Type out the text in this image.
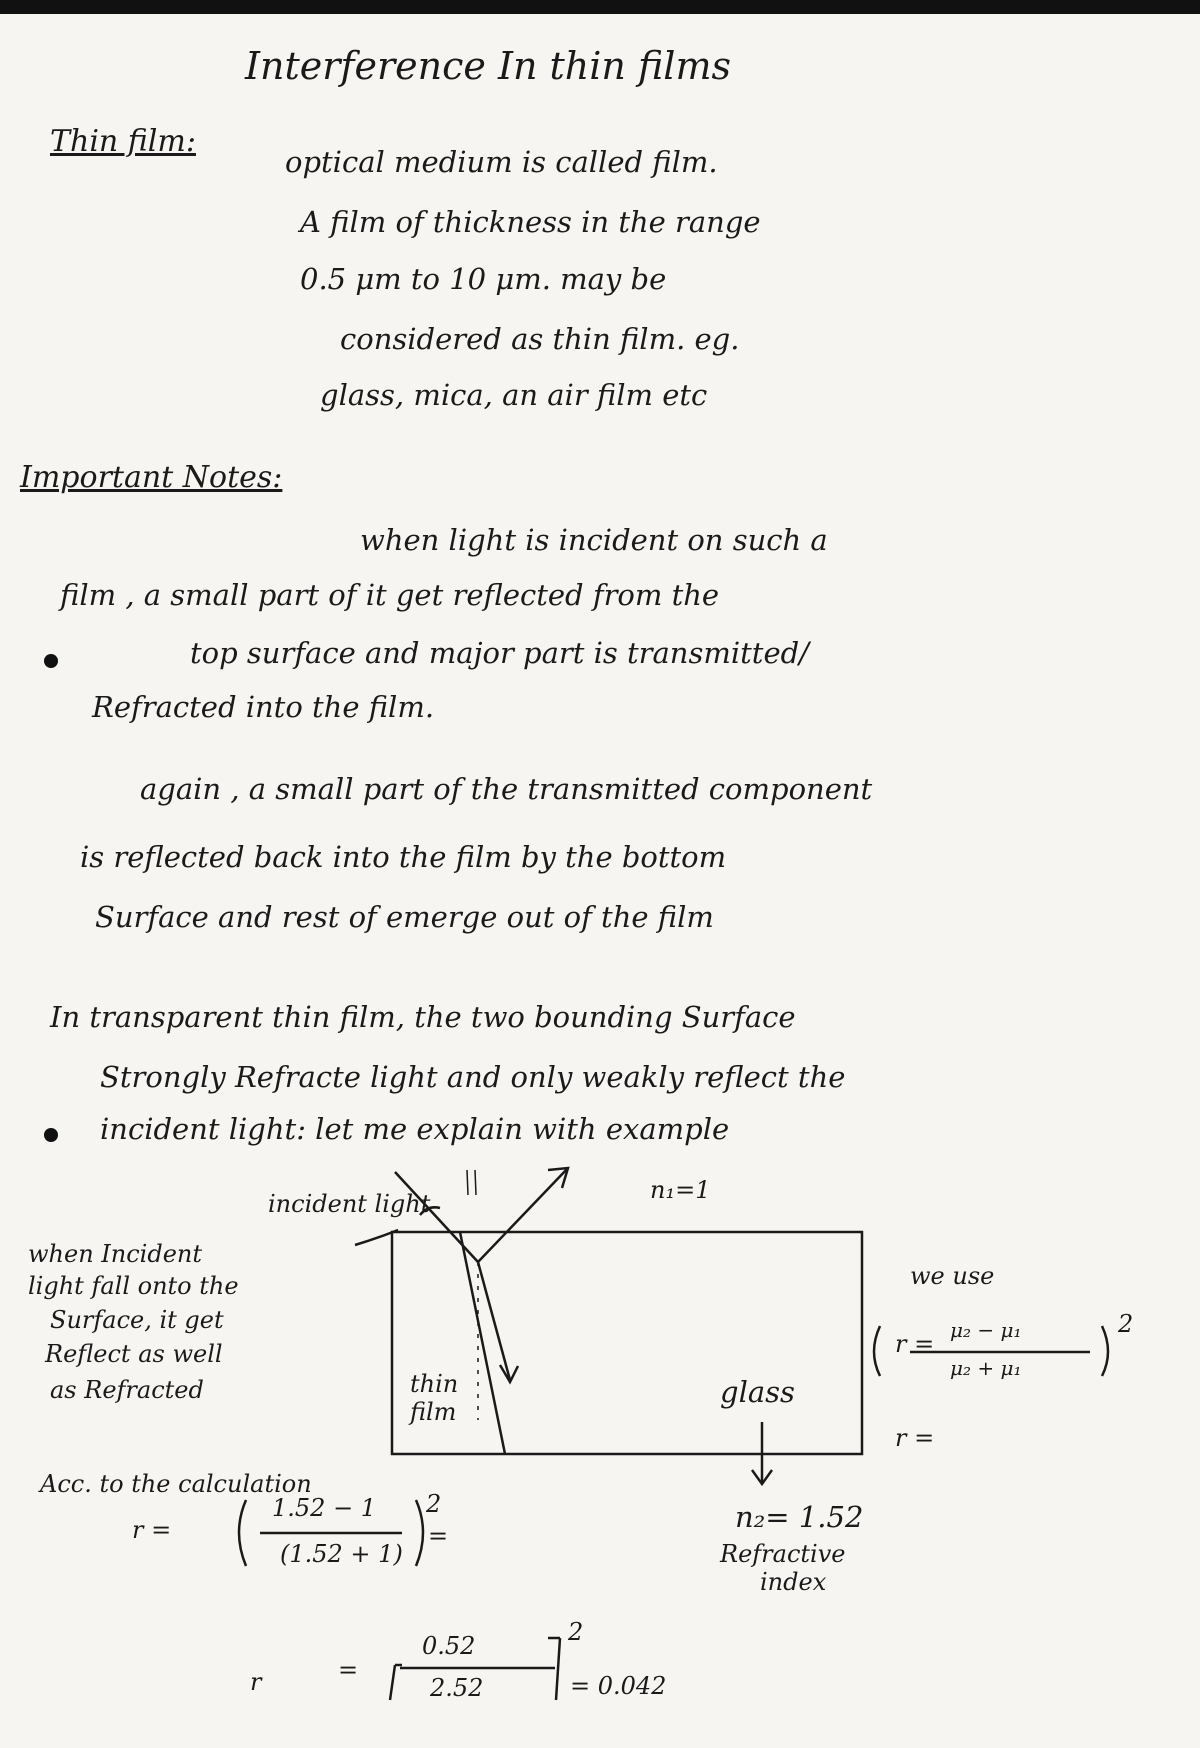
Interference In thin films
Thin film:
optical medium is called film.
A film of thickness in the range
0.5 μm to 10 μm. may be
considered as thin film. eg.
glass, mica, an air film etc
Important Notes:
when light is incident on such a
film , a small part of it get reflected from the
top surface and major part is transmitted/
Refracted into the film.
again , a small part of the transmitted component
is reflected back into the film by the bottom
Surface and rest of emerge out of the film
In transparent thin film, the two bounding Surface
Strongly Refracte light and only weakly reflect the
incident light: let me explain with example
incident light	n₁=1
thin
film
glass
n₂= 1.52
Refractive
index
when Incident
light fall onto the
Surface, it get
Reflect as well
as Refracted
we use
r = μ₂ − μ₁
μ₂ + μ₁
2
r =
Acc. to the calculation
r =
1.52 − 1
(1.52 + 1)
2
=
r	=
0.52
2.52
2
= 0.042
